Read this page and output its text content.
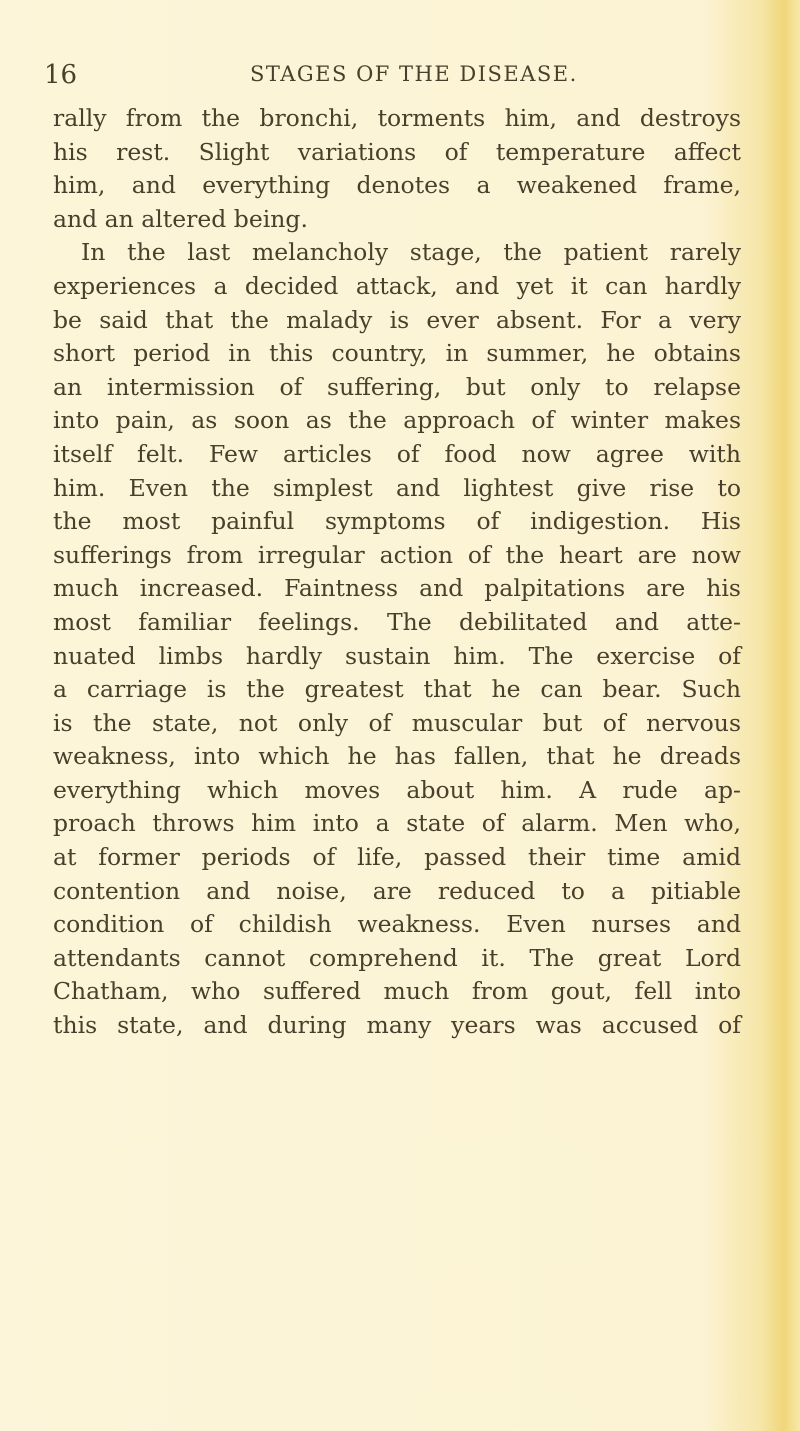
16	STAGES OF THE DISEASE.
rally from the bronchi, torments him, and destroys
his rest. Slight variations of temperature affect
him, and everything denotes a weakened frame,
and an altered being.
In the last melancholy stage, the patient rarely
experiences a decided attack, and yet it can hardly
be said that the malady is ever absent. For a very
short period in this country, in summer, he obtains
an intermission of suffering, but only to relapse
into pain, as soon as the approach of winter makes
itself felt. Few articles of food now agree with
him. Even the simplest and lightest give rise to
the most painful symptoms of indigestion. His
sufferings from irregular action of the heart are now
much increased. Faintness and palpitations are his
most familiar feelings. The debilitated and atte-
nuated limbs hardly sustain him. The exercise of
a carriage is the greatest that he can bear. Such
is the state, not only of muscular but of nervous
weakness, into which he has fallen, that he dreads
everything which moves about him. A rude ap-
proach throws him into a state of alarm. Men who,
at former periods of life, passed their time amid
contention and noise, are reduced to a pitiable
condition of childish weakness. Even nurses and
attendants cannot comprehend it. The great Lord
Chatham, who suffered much from gout, fell into
this state, and during many years was accused of
